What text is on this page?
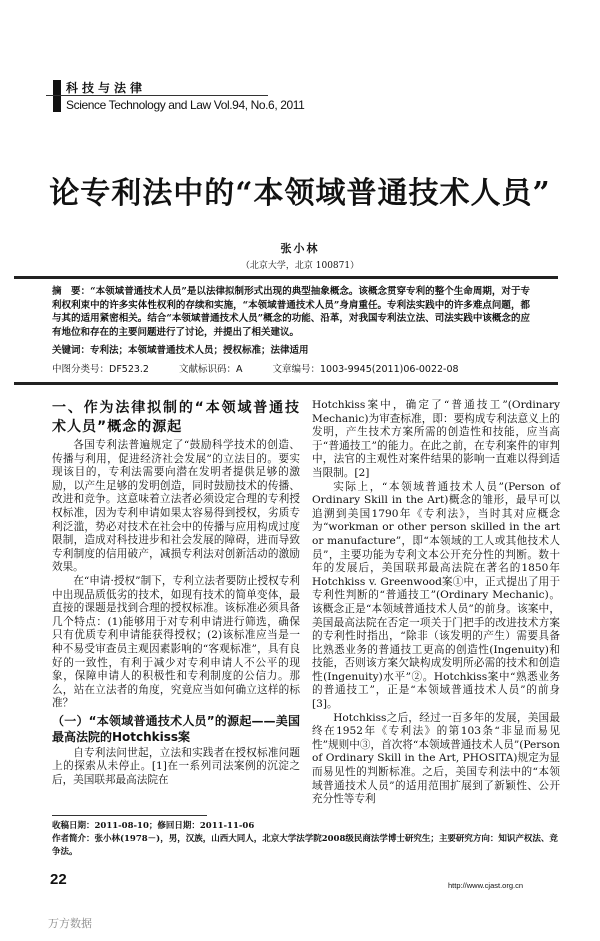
科技与法律
Science Technology and Law Vol.94, No.6, 2011
论专利法中的“本领域普通技术人员”
张小林
（北京大学，北京 100871）
摘　要：“本领域普通技术人员”是以法律拟制形式出现的典型抽象概念。该概念贯穿专利的整个生命周期，对于专利权利束中的许多实体性权利的存续和实施，“本领域普通技术人员”身肩重任。专利法实践中的许多难点问题，都与其的适用紧密相关。结合“本领域普通技术人员”概念的功能、沿革，对我国专利法立法、司法实践中该概念的应有地位和存在的主要问题进行了讨论，并提出了相关建议。
关键词：专利法；本领域普通技术人员；授权标准；法律适用
中图分类号：DF523.2	文献标识码：A	文章编号：1003-9945(2011)06-0022-08
一、作为法律拟制的“本领域普通技术人员”概念的源起

各国专利法普遍规定了“鼓励科学技术的创造、传播与利用，促进经济社会发展”的立法目的。要实现该目的，专利法需要向潜在发明者提供足够的激励，以产生足够的发明创造，同时鼓励技术的传播、改进和竞争。这意味着立法者必须设定合理的专利授权标准，因为专利申请如果太容易得到授权，劣质专利泛滥，势必对技术在社会中的传播与应用构成过度限制，造成对科技进步和社会发展的障碍，进而导致专利制度的信用破产，减损专利法对创新活动的激励效果。

在“申请·授权”制下，专利立法者要防止授权专利中出现品质低劣的技术，如现有技术的简单变体，最直接的课题是找到合理的授权标准。该标准必须具备几个特点：(1)能够用于对专利申请进行筛选，确保只有优质专利申请能获得授权；(2)该标准应当是一种不易受审查员主观因素影响的“客观标准”，具有良好的一致性，有利于减少对专利申请人不公平的现象，保障申请人的积极性和专利制度的公信力。那么，站在立法者的角度，究竟应当如何确立这样的标准？

（一）“本领域普通技术人员”的源起——美国最高法院的Hotchkiss案

自专利法问世起，立法和实践者在授权标准问题上的探索从未停止。[1]在一系列司法案例的沉淀之后，美国联邦最高法院在

Hotchkiss案中，确定了“普通技工”(Ordinary Mechanic)为审查标准，即：要构成专利法意义上的发明，产生技术方案所需的创造性和技能，应当高于“普通技工”的能力。在此之前，在专利案件的审判中，法官的主观性对案件结果的影响一直难以得到适当限制。[2]

实际上，“本领域普通技术人员”(Person of Ordinary Skill in the Art)概念的雏形，最早可以追溯到美国1790年《专利法》，当时其对应概念为“workman or other person skilled in the art or manufacture”，即“本领域的工人或其他技术人员”，主要功能为专利文本公开充分性的判断。数十年的发展后，美国联邦最高法院在著名的1850年Hotchkiss v. Greenwood案①中，正式提出了用于专利性判断的“普通技工”(Ordinary Mechanic)。该概念正是“本领域普通技术人员”的前身。该案中，美国最高法院在否定一项关于门把手的改进技术方案的专利性时指出，“除非（该发明的产生）需要具备比熟悉业务的普通技工更高的创造性(Ingenuity)和技能，否则该方案欠缺构成发明所必需的技术和创造性(Ingenuity)水平”②。Hotchkiss案中“熟悉业务的普通技工”，正是“本领域普通技术人员”的前身[3]。

Hotchkiss之后，经过一百多年的发展，美国最终在1952年《专利法》的第103条“非显而易见性”规则中③，首次将“本领域普通技术人员”(Person of Ordinary Skill in the Art, PHOSITA)规定为显而易见性的判断标准。之后，美国专利法中的“本领域普通技术人员”的适用范围扩展到了新颖性、公开充分性等专利

收稿日期：2011-08-10；修回日期：2011-11-06
作者简介：张小林(1978－)，男，汉族，山西大同人，北京大学法学院2008级民商法学博士研究生；主要研究方向：知识产权法、竞争法。
22	http://www.cjast.org.cn
万方数据
